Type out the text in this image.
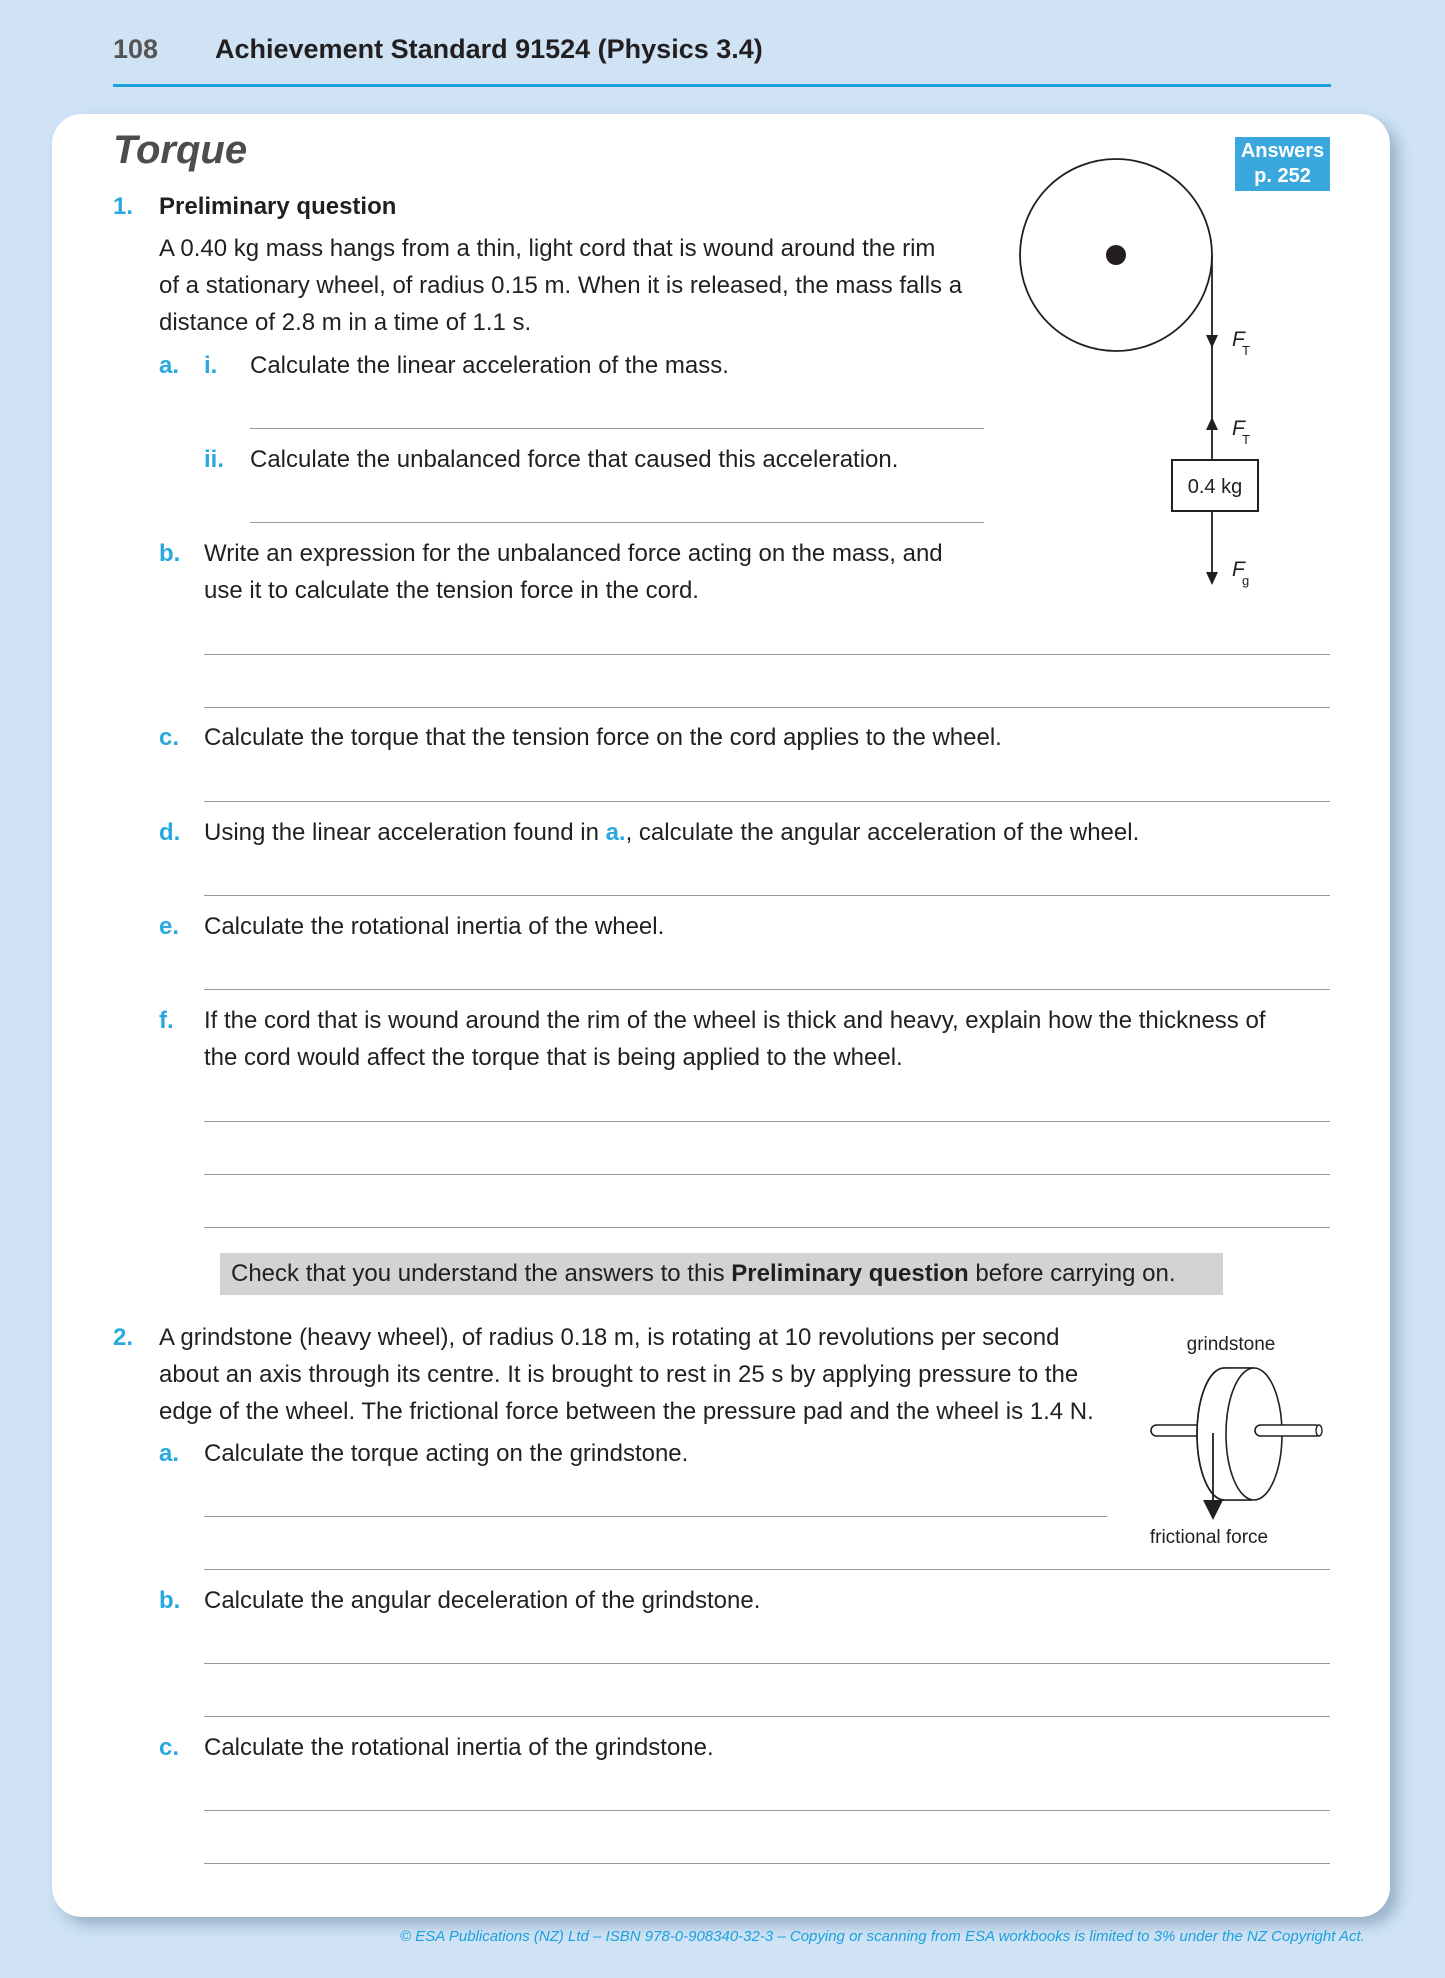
108 Achievement Standard 91524 (Physics 3.4)
Torque	Answers
p. 252
1. Preliminary question
A 0.40 kg mass hangs from a thin, light cord that is wound around the rim
of a stationary wheel, of radius 0.15 m. When it is released, the mass falls a
distance of 2.8 m in a time of 1.1 s.
a. i. Calculate the linear acceleration of the mass.
ii. Calculate the unbalanced force that caused this acceleration.
b. Write an expression for the unbalanced force acting on the mass, and
use it to calculate the tension force in the cord.
c. Calculate the torque that the tension force on the cord applies to the wheel.
d. Using the linear acceleration found in a., calculate the angular acceleration of the wheel.
e. Calculate the rotational inertia of the wheel.
f. If the cord that is wound around the rim of the wheel is thick and heavy, explain how the thickness of
the cord would affect the torque that is being applied to the wheel.
F
T
F
T
0.4 kg
F
g
Check that you understand the answers to this Preliminary question before carrying on.
2. A grindstone (heavy wheel), of radius 0.18 m, is rotating at 10 revolutions per second
about an axis through its centre. It is brought to rest in 25 s by applying pressure to the
edge of the wheel. The frictional force between the pressure pad and the wheel is 1.4 N.
a. Calculate the torque acting on the grindstone.
b. Calculate the angular deceleration of the grindstone.
c. Calculate the rotational inertia of the grindstone.
grindstone
frictional force
© ESA Publications (NZ) Ltd – ISBN 978-0-908340-32-3 – Copying or scanning from ESA workbooks is limited to 3% under the NZ Copyright Act.
